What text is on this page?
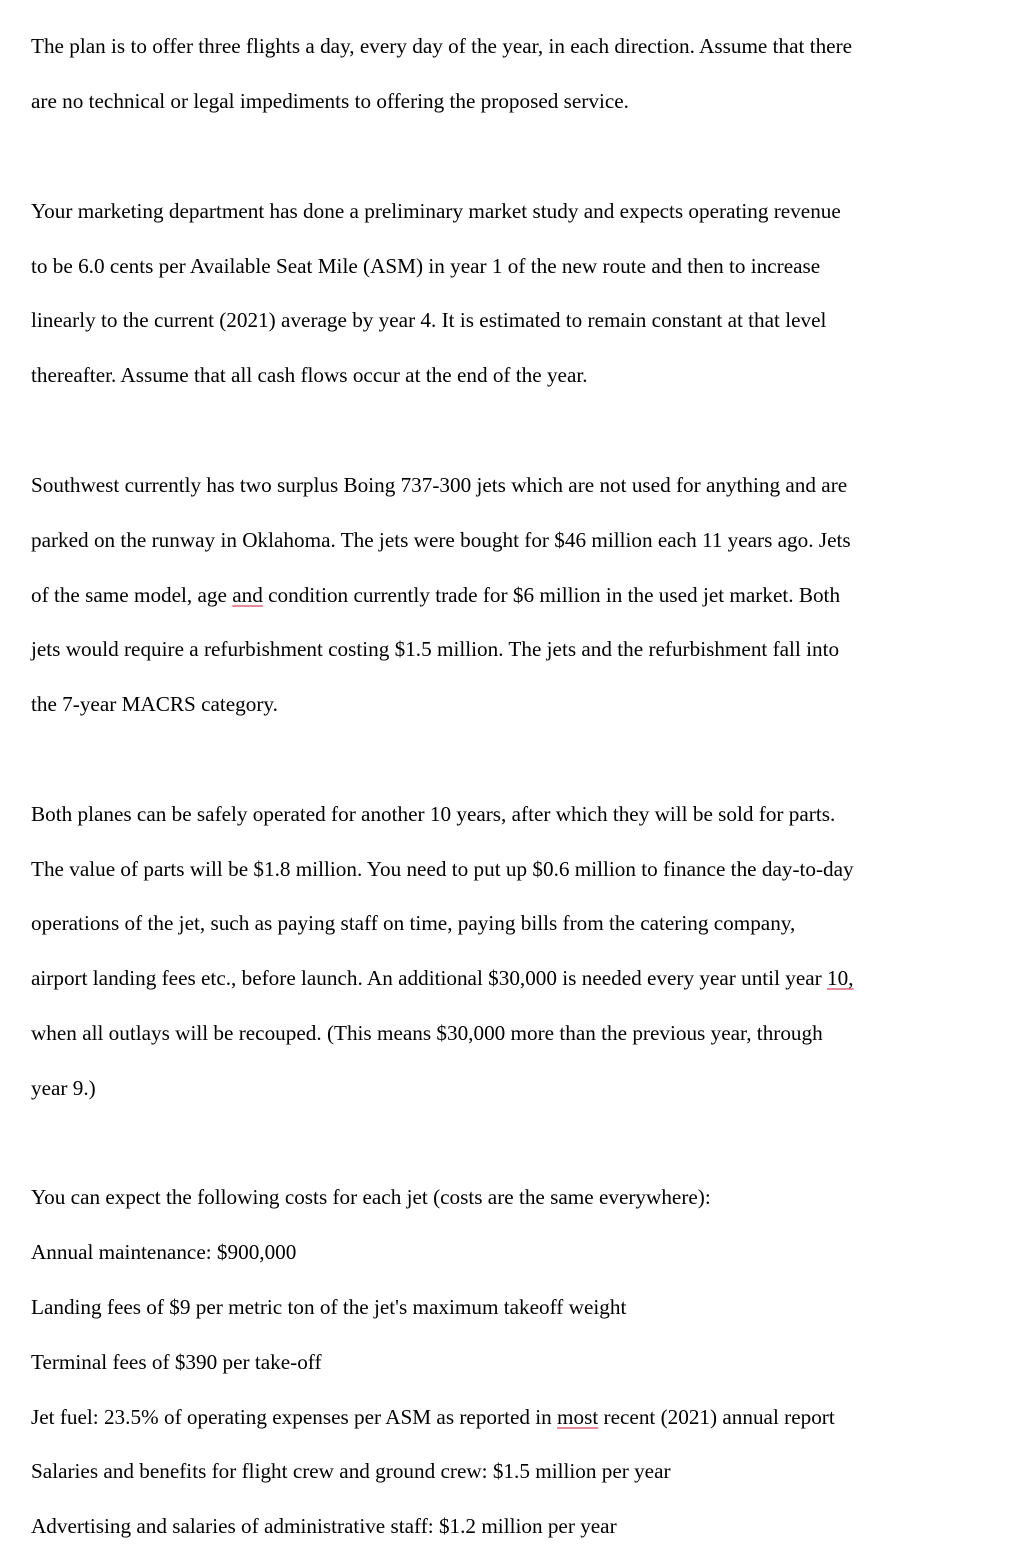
The plan is to offer three flights a day, every day of the year, in each direction. Assume that there

are no technical or legal impediments to offering the proposed service.

Your marketing department has done a preliminary market study and expects operating revenue

to be 6.0 cents per Available Seat Mile (ASM) in year 1 of the new route and then to increase

linearly to the current (2021) average by year 4. It is estimated to remain constant at that level

thereafter. Assume that all cash flows occur at the end of the year.

Southwest currently has two surplus Boing 737-300 jets which are not used for anything and are

parked on the runway in Oklahoma. The jets were bought for $46 million each 11 years ago. Jets

of the same model, age and condition currently trade for $6 million in the used jet market. Both

jets would require a refurbishment costing $1.5 million. The jets and the refurbishment fall into

the 7-year MACRS category.

Both planes can be safely operated for another 10 years, after which they will be sold for parts.

The value of parts will be $1.8 million. You need to put up $0.6 million to finance the day-to-day

operations of the jet, such as paying staff on time, paying bills from the catering company,

airport landing fees etc., before launch. An additional $30,000 is needed every year until year 10,

when all outlays will be recouped. (This means $30,000 more than the previous year, through

year 9.)

You can expect the following costs for each jet (costs are the same everywhere):

Annual maintenance: $900,000

Landing fees of $9 per metric ton of the jet's maximum takeoff weight

Terminal fees of $390 per take-off

Jet fuel: 23.5% of operating expenses per ASM as reported in most recent (2021) annual report

Salaries and benefits for flight crew and ground crew: $1.5 million per year

Advertising and salaries of administrative staff: $1.2 million per year
